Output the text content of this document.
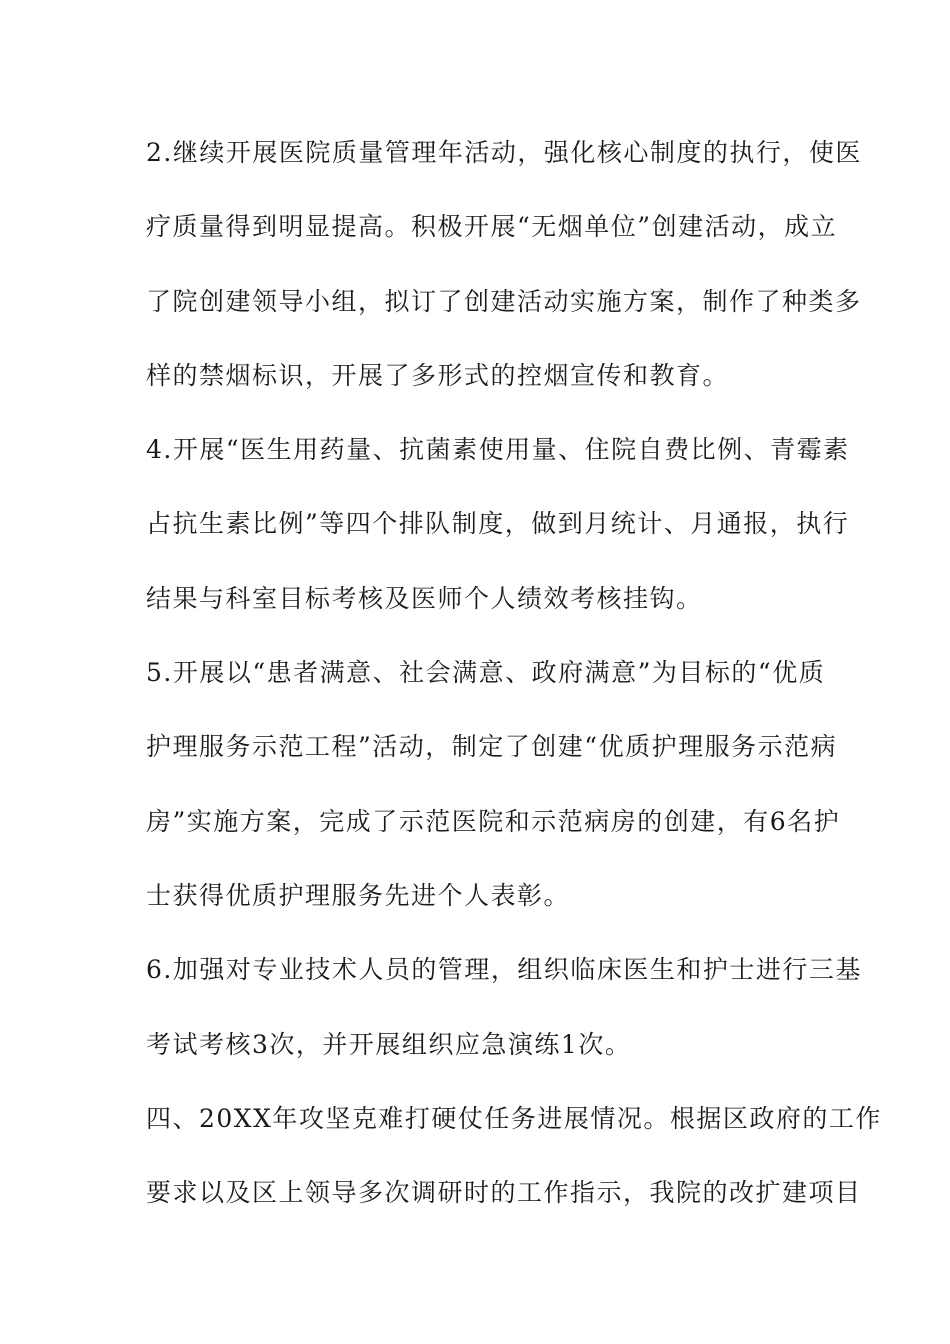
2.继续开展医院质量管理年活动，强化核心制度的执行，使医
疗质量得到明显提高。积极开展“无烟单位”创建活动，成立
了院创建领导小组，拟订了创建活动实施方案，制作了种类多
样的禁烟标识，开展了多形式的控烟宣传和教育。
4.开展“医生用药量、抗菌素使用量、住院自费比例、青霉素
占抗生素比例”等四个排队制度，做到月统计、月通报，执行
结果与科室目标考核及医师个人绩效考核挂钩。
5.开展以“患者满意、社会满意、政府满意”为目标的“优质
护理服务示范工程”活动，制定了创建“优质护理服务示范病
房”实施方案，完成了示范医院和示范病房的创建，有6名护
士获得优质护理服务先进个人表彰。
6.加强对专业技术人员的管理，组织临床医生和护士进行三基
考试考核3次，并开展组织应急演练1次。
四、20XX年攻坚克难打硬仗任务进展情况。根据区政府的工作
要求以及区上领导多次调研时的工作指示，我院的改扩建项目
